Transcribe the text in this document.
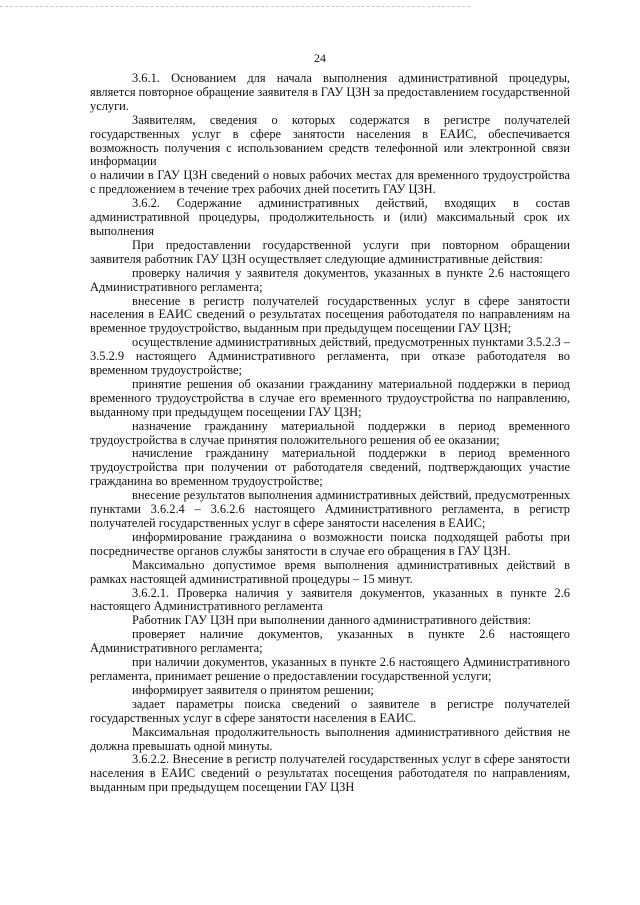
24

3.6.1. Основанием для начала выполнения административной процедуры, является повторное обращение заявителя в ГАУ ЦЗН за предоставлением государственной услуги.

Заявителям, сведения о которых содержатся в регистре получателей государственных услуг в сфере занятости населения в ЕАИС, обеспечивается возможность получения с использованием средств телефонной или электронной связи информации

о наличии в ГАУ ЦЗН сведений о новых рабочих местах для временного трудоустройства с предложением в течение трех рабочих дней посетить ГАУ ЦЗН.

3.6.2. Содержание административных действий, входящих в состав административной процедуры, продолжительность и (или) максимальный срок их выполнения

При предоставлении государственной услуги при повторном обращении заявителя работник ГАУ ЦЗН осуществляет следующие административные действия:

проверку наличия у заявителя документов, указанных в пункте 2.6 настоящего Административного регламента;

внесение в регистр получателей государственных услуг в сфере занятости населения в ЕАИС сведений о результатах посещения работодателя по направлениям на временное трудоустройство, выданным при предыдущем посещении ГАУ ЦЗН;

осуществление административных действий, предусмотренных пунктами 3.5.2.3 – 3.5.2.9 настоящего Административного регламента, при отказе работодателя во временном трудоустройстве;

принятие решения об оказании гражданину материальной поддержки в период временного трудоустройства в случае его временного трудоустройства по направлению, выданному при предыдущем посещении ГАУ ЦЗН;

назначение гражданину материальной поддержки в период временного трудоустройства в случае принятия положительного решения об ее оказании;

начисление гражданину материальной поддержки в период временного трудоустройства при получении от работодателя сведений, подтверждающих участие гражданина во временном трудоустройстве;

внесение результатов выполнения административных действий, предусмотренных пунктами 3.6.2.4 – 3.6.2.6 настоящего Административного регламента, в регистр получателей государственных услуг в сфере занятости населения в ЕАИС;

информирование гражданина о возможности поиска подходящей работы при посредничестве органов службы занятости в случае его обращения в ГАУ ЦЗН.

Максимально допустимое время выполнения административных действий в рамках настоящей административной процедуры – 15 минут.

3.6.2.1. Проверка наличия у заявителя документов, указанных в пункте 2.6 настоящего Административного регламента

Работник ГАУ ЦЗН при выполнении данного административного действия:

проверяет наличие документов, указанных в пункте 2.6 настоящего Административного регламента;

при наличии документов, указанных в пункте 2.6 настоящего Административного регламента, принимает решение о предоставлении государственной услуги;

информирует заявителя о принятом решении;

задает параметры поиска сведений о заявителе в регистре получателей государственных услуг в сфере занятости населения в ЕАИС.

Максимальная продолжительность выполнения административного действия не должна превышать одной минуты.

3.6.2.2. Внесение в регистр получателей государственных услуг в сфере занятости населения в ЕАИС сведений о результатах посещения работодателя по направлениям, выданным при предыдущем посещении ГАУ ЦЗН
